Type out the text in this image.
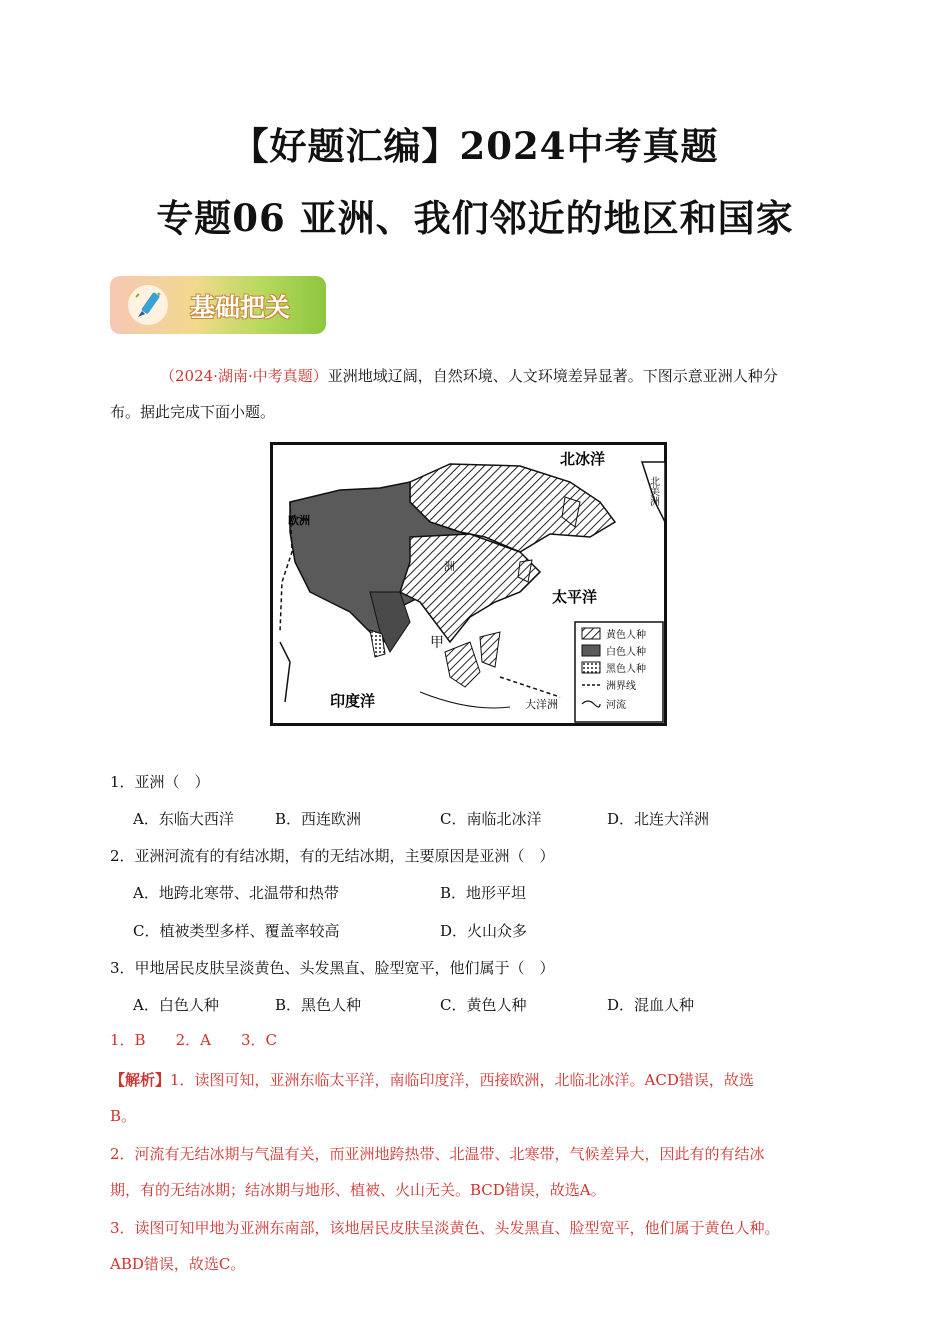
【好题汇编】2024中考真题
专题06 亚洲、我们邻近的地区和国家
基础把关
（2024·湖南·中考真题）亚洲地域辽阔，自然环境、人文环境差异显著。下图示意亚洲人种分
布。据此完成下面小题。
北冰洋
欧洲
北美洲
太平洋
印度洋	大洋洲
甲
洲
黄色人种
白色人种
黑色人种
洲界线
河流
1．亚洲（　）
A．东临大西洋	B．西连欧洲	C．南临北冰洋	D．北连大洋洲
2．亚洲河流有的有结冰期，有的无结冰期，主要原因是亚洲（　）
A．地跨北寒带、北温带和热带	B．地形平坦
C．植被类型多样、覆盖率较高	D．火山众多
3．甲地居民皮肤呈淡黄色、头发黑直、脸型宽平，他们属于（　）
A．白色人种	B．黑色人种	C．黄色人种	D．混血人种
1．B　　2．A　　3．C
【解析】1．读图可知，亚洲东临太平洋，南临印度洋，西接欧洲，北临北冰洋。ACD错误，故选
B。
2．河流有无结冰期与气温有关，而亚洲地跨热带、北温带、北寒带，气候差异大，因此有的有结冰
期，有的无结冰期；结冰期与地形、植被、火山无关。BCD错误，故选A。
3．读图可知甲地为亚洲东南部，该地居民皮肤呈淡黄色、头发黑直、脸型宽平，他们属于黄色人种。
ABD错误，故选C。
